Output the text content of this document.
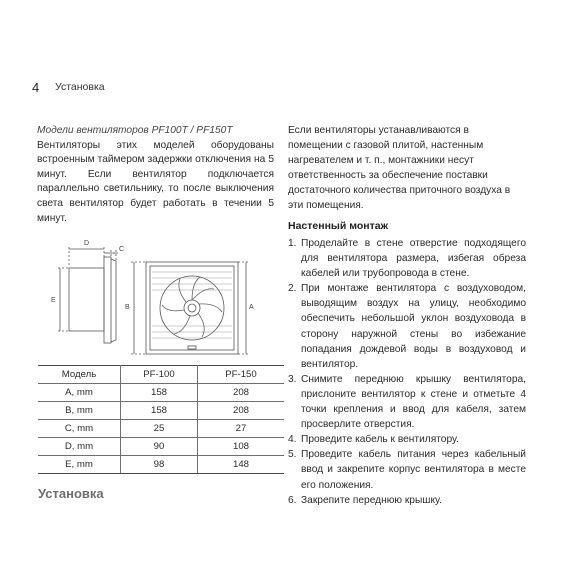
4 Установка
Модели вентиляторов PF100T / PF150T
Вентиляторы этих моделей оборудованы встроенным таймером задержки отключения на 5 минут. Если вентилятор подключается параллельно светильнику, то после выключения света вентилятор будет работать в течении 5 минут.
D
C
E
B	A
Модель	PF-100	PF-150
A, mm	158	208
B, mm	158	208
C, mm	25	27
D, mm	90	108
E, mm	98	148
Установка
Если вентиляторы устанавливаются в помещении с газовой плитой, настенным нагревателем и т. п., монтажники несут ответственность за обеспечение поставки достаточного количества приточного воздуха в эти помещения.
Настенный монтаж
1. Проделайте в стене отверстие подходящего для вентилятора размера, избегая обреза кабелей или трубопровода в стене.
2. При монтаже вентилятора с воздуховодом, выводящим воздух на улицу, необходимо обеспечить небольшой уклон воздуховода в сторону наружной стены во избежание попадания дождевой воды в воздуховод и вентилятор.
3. Снимите переднюю крышку вентилятора, прислоните вентилятор к стене и отметьте 4 точки крепления и ввод для кабеля, затем просверлите отверстия.
4. Проведите кабель к вентилятору.
5. Проведите кабель питания через кабельный ввод и закрепите корпус вентилятора в месте его положения.
6. Закрепите переднюю крышку.
